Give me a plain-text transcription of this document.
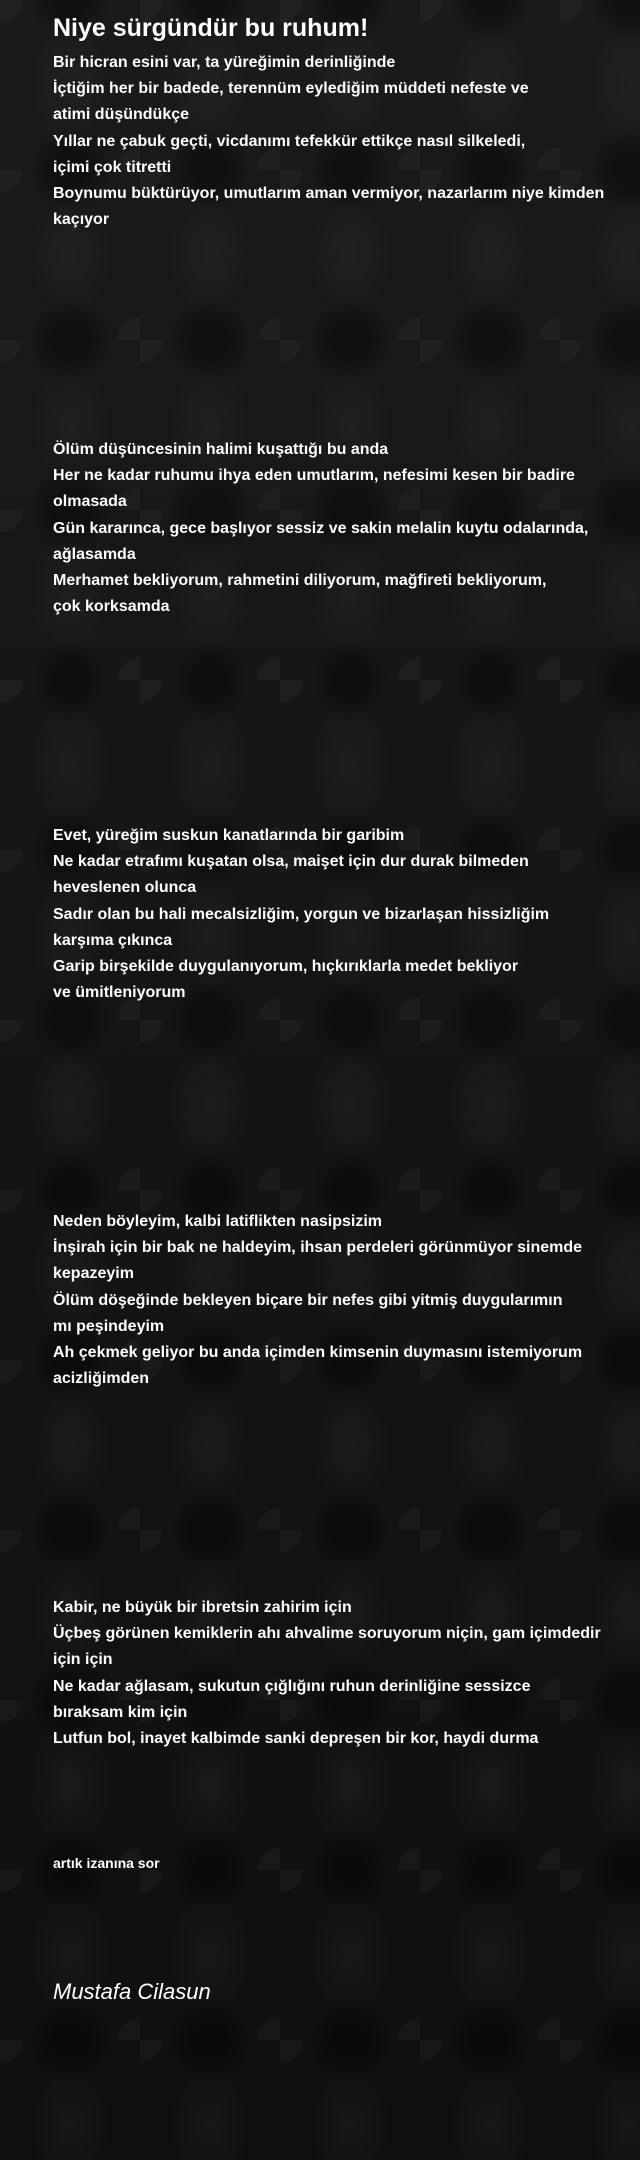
Niye sürgündür bu ruhum!
Bir hicran esini var, ta yüreğimin derinliğinde
İçtiğim her bir badede, terennüm eylediğim müddeti nefeste ve
atimi düşündükçe
Yıllar ne çabuk geçti, vicdanımı tefekkür ettikçe nasıl silkeledi,
içimi çok titretti
Boynumu büktürüyor, umutlarım aman vermiyor, nazarlarım niye kimden
kaçıyor
Ölüm düşüncesinin halimi kuşattığı bu anda
Her ne kadar ruhumu ihya eden umutlarım, nefesimi kesen bir badire
olmasada
Gün kararınca, gece başlıyor sessiz ve sakin melalin kuytu odalarında,
ağlasamda
Merhamet bekliyorum, rahmetini diliyorum, mağfireti bekliyorum,
çok korksamda
Evet, yüreğim suskun kanatlarında bir garibim
Ne kadar etrafımı kuşatan olsa, maişet için dur durak bilmeden
heveslenen olunca
Sadır olan bu hali mecalsizliğim, yorgun ve bizarlaşan hissizliğim
karşıma çıkınca
Garip birşekilde duygulanıyorum, hıçkırıklarla medet bekliyor
ve ümitleniyorum
Neden böyleyim, kalbi latiflikten nasipsizim
İnşirah için bir bak ne haldeyim, ihsan perdeleri görünmüyor sinemde
kepazeyim
Ölüm döşeğinde bekleyen biçare bir nefes gibi yitmiş duygularımın
mı peşindeyim
Ah çekmek geliyor bu anda içimden kimsenin duymasını istemiyorum
acizliğimden
Kabir, ne büyük bir ibretsin zahirim için
Üçbeş görünen kemiklerin ahı ahvalime soruyorum niçin, gam içimdedir
için için
Ne kadar ağlasam, sukutun çığlığını ruhun derinliğine sessizce
bıraksam kim için
Lutfun bol, inayet kalbimde sanki depreşen bir kor, haydi durma
artık izanına sor

Mustafa Cilasun
